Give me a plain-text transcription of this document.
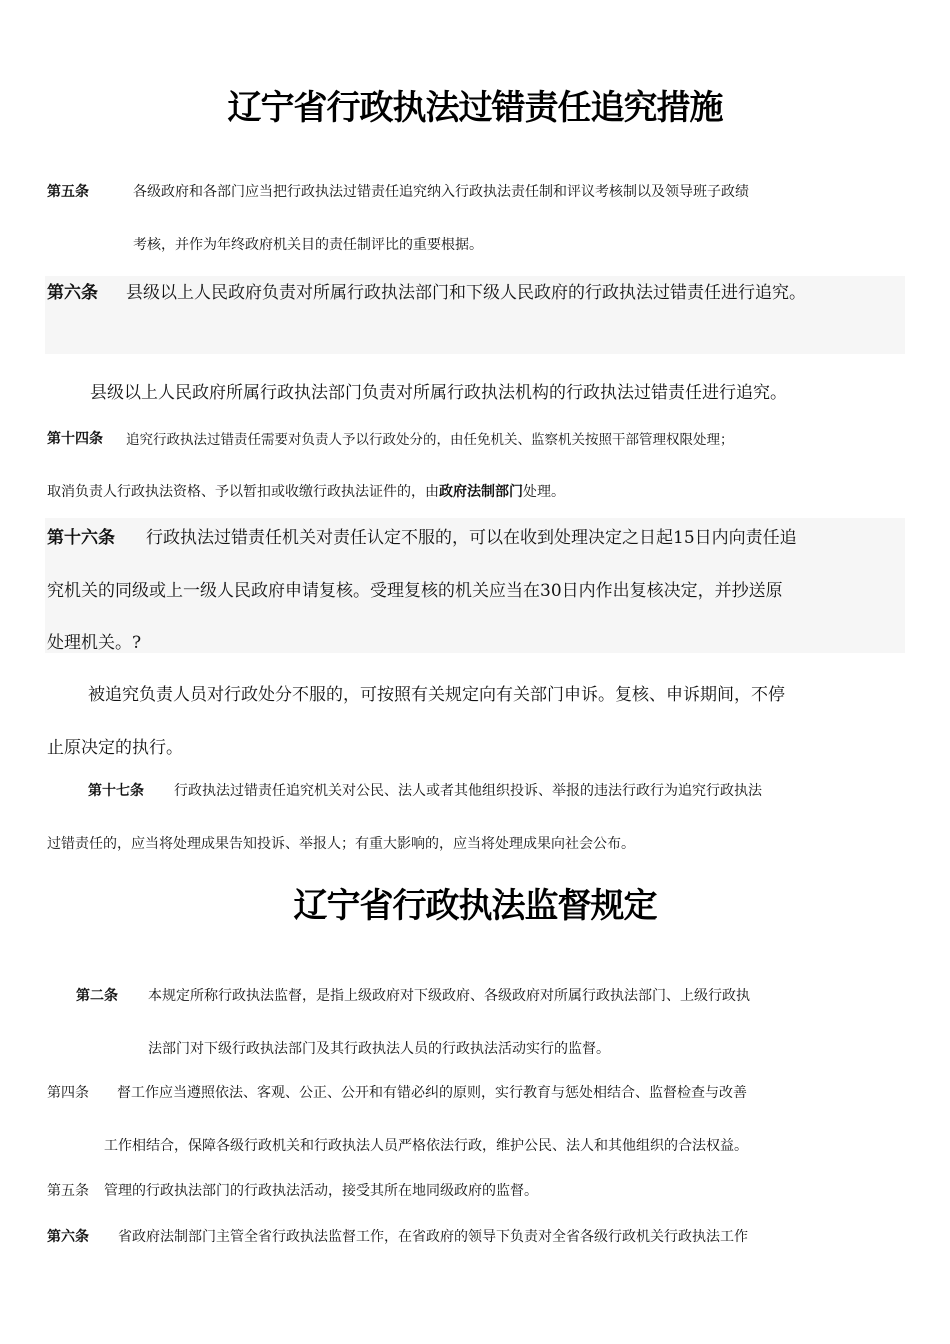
辽宁省行政执法过错责任追究措施
第五条	各级政府和各部门应当把行政执法过错责任追究纳入行政执法责任制和评议考核制以及领导班子政绩
考核，并作为年终政府机关目的责任制评比的重要根据。
第六条 县级以上人民政府负责对所属行政执法部门和下级人民政府的行政执法过错责任进行追究。
县级以上人民政府所属行政执法部门负责对所属行政执法机构的行政执法过错责任进行追究。
第十四条 追究行政执法过错责任需要对负责人予以行政处分的，由任免机关、监察机关按照干部管理权限处理；
取消负责人行政执法资格、予以暂扣或收缴行政执法证件的，由政府法制部门处理。
第十六条 行政执法过错责任机关对责任认定不服的，可以在收到处理决定之日起15日内向责任追
究机关的同级或上一级人民政府申请复核。受理复核的机关应当在30日内作出复核决定，并抄送原
处理机关。?
被追究负责人员对行政处分不服的，可按照有关规定向有关部门申诉。复核、申诉期间，不停
止原决定的执行。
第十七条 行政执法过错责任追究机关对公民、法人或者其他组织投诉、举报的违法行政行为追究行政执法
过错责任的，应当将处理成果告知投诉、举报人；有重大影响的，应当将处理成果向社会公布。
辽宁省行政执法监督规定
第二条 本规定所称行政执法监督，是指上级政府对下级政府、各级政府对所属行政执法部门、上级行政执
法部门对下级行政执法部门及其行政执法人员的行政执法活动实行的监督。
第四条 督工作应当遵照依法、客观、公正、公开和有错必纠的原则，实行教育与惩处相结合、监督检查与改善
工作相结合，保障各级行政机关和行政执法人员严格依法行政，维护公民、法人和其他组织的合法权益。
第五条 管理的行政执法部门的行政执法活动，接受其所在地同级政府的监督。
第六条 省政府法制部门主管全省行政执法监督工作，在省政府的领导下负责对全省各级行政机关行政执法工作
